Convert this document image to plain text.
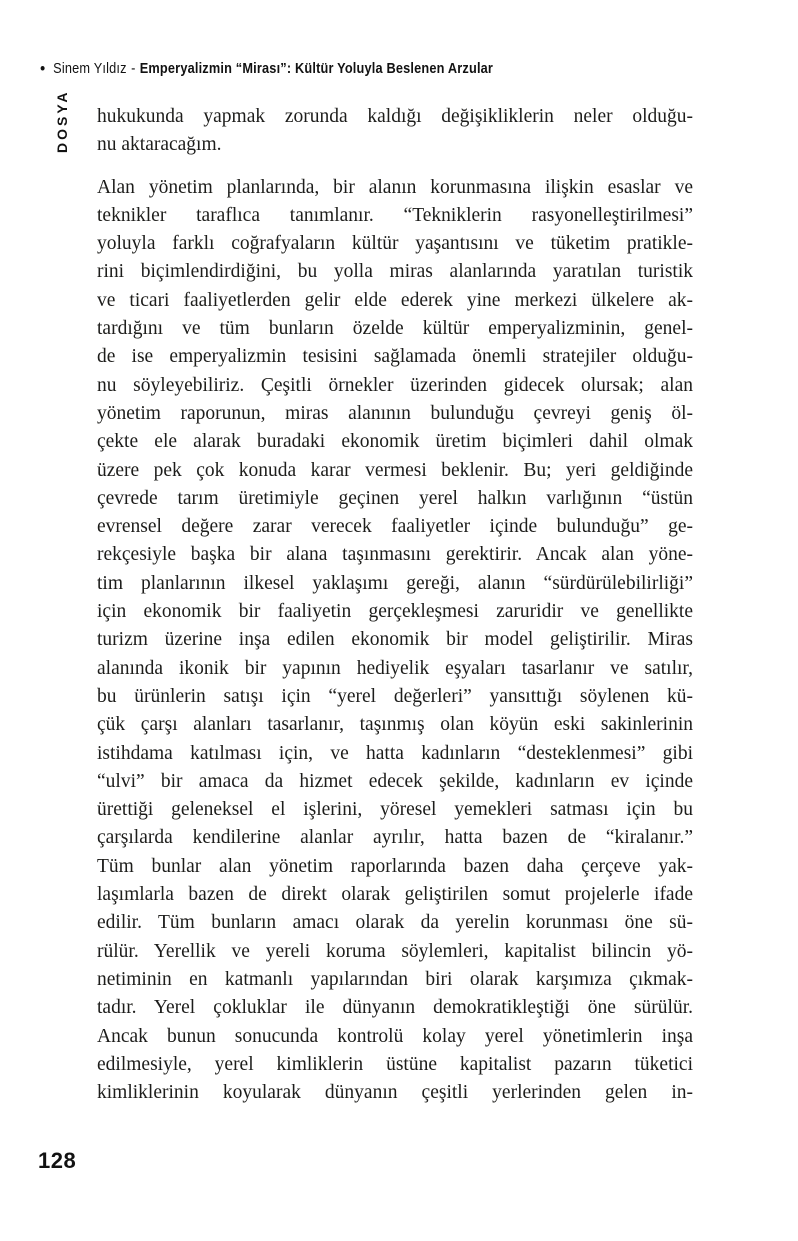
• Sinem Yıldız - Emperyalizmin “Mirası”: Kültür Yoluyla Beslenen Arzular
DOSYA hukukunda yapmak zorunda kaldığı değişikliklerin neler olduğu-
nu aktaracağım.
Alan yönetim planlarında, bir alanın korunmasına ilişkin esaslar ve
teknikler taraflıca tanımlanır. “Tekniklerin rasyonelleştirilmesi”
yoluyla farklı coğrafyaların kültür yaşantısını ve tüketim pratikle-
rini biçimlendirdiğini, bu yolla miras alanlarında yaratılan turistik
ve ticari faaliyetlerden gelir elde ederek yine merkezi ülkelere ak-
tardığını ve tüm bunların özelde kültür emperyalizminin, genel-
de ise emperyalizmin tesisini sağlamada önemli stratejiler olduğu-
nu söyleyebiliriz. Çeşitli örnekler üzerinden gidecek olursak; alan
yönetim raporunun, miras alanının bulunduğu çevreyi geniş öl-
çekte ele alarak buradaki ekonomik üretim biçimleri dahil olmak
üzere pek çok konuda karar vermesi beklenir. Bu; yeri geldiğinde
çevrede tarım üretimiyle geçinen yerel halkın varlığının “üstün
evrensel değere zarar verecek faaliyetler içinde bulunduğu” ge-
rekçesiyle başka bir alana taşınmasını gerektirir. Ancak alan yöne-
tim planlarının ilkesel yaklaşımı gereği, alanın “sürdürülebilirliği”
için ekonomik bir faaliyetin gerçekleşmesi zaruridir ve genellikte
turizm üzerine inşa edilen ekonomik bir model geliştirilir. Miras
alanında ikonik bir yapının hediyelik eşyaları tasarlanır ve satılır,
bu ürünlerin satışı için “yerel değerleri” yansıttığı söylenen kü-
çük çarşı alanları tasarlanır, taşınmış olan köyün eski sakinlerinin
istihdama katılması için, ve hatta kadınların “desteklenmesi” gibi
“ulvi” bir amaca da hizmet edecek şekilde, kadınların ev içinde
ürettiği geleneksel el işlerini, yöresel yemekleri satması için bu
çarşılarda kendilerine alanlar ayrılır, hatta bazen de “kiralanır.”
Tüm bunlar alan yönetim raporlarında bazen daha çerçeve yak-
laşımlarla bazen de direkt olarak geliştirilen somut projelerle ifade
edilir. Tüm bunların amacı olarak da yerelin korunması öne sü-
rülür. Yerellik ve yereli koruma söylemleri, kapitalist bilincin yö-
netiminin en katmanlı yapılarından biri olarak karşımıza çıkmak-
tadır. Yerel çokluklar ile dünyanın demokratikleştiği öne sürülür.
Ancak bunun sonucunda kontrolü kolay yerel yönetimlerin inşa
edilmesiyle, yerel kimliklerin üstüne kapitalist pazarın tüketici
kimliklerinin koyularak dünyanın çeşitli yerlerinden gelen in-
128
